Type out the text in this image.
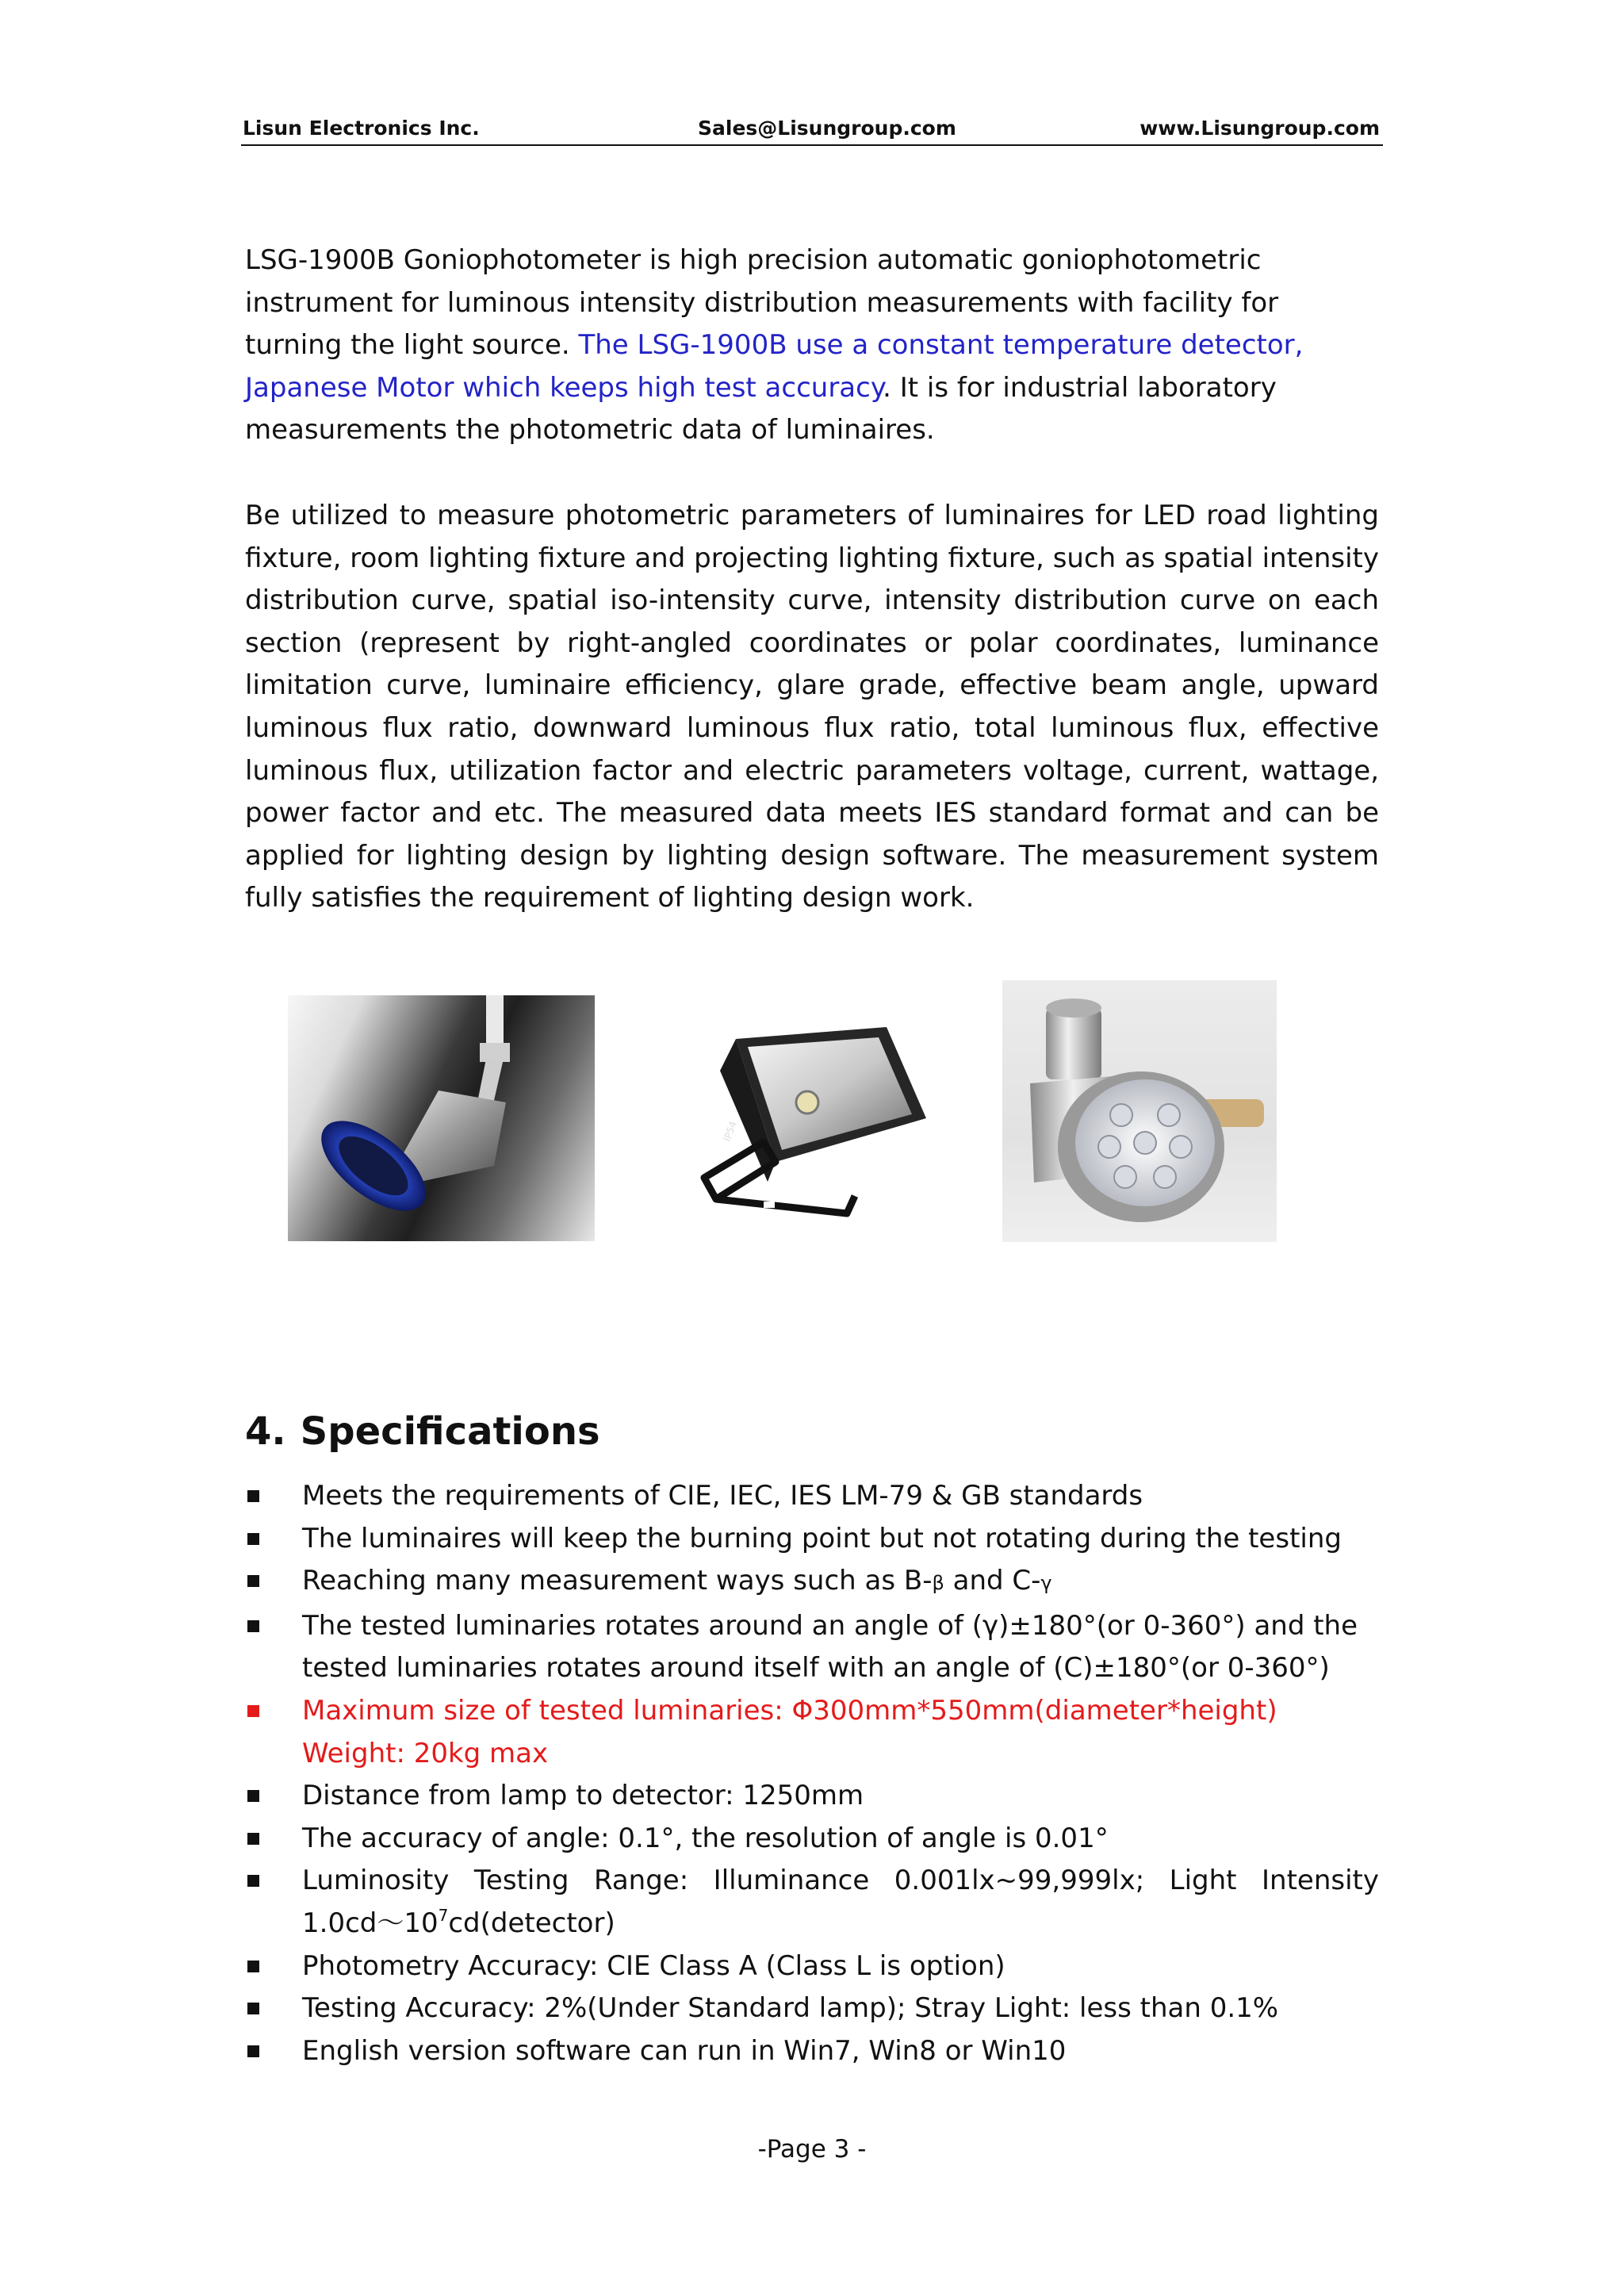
Lisun Electronics Inc.	Sales@Lisungroup.com	www.Lisungroup.com

LSG-1900B Goniophotometer is high precision automatic goniophotometric instrument for luminous intensity distribution measurements with facility for turning the light source. The LSG-1900B use a constant temperature detector, Japanese Motor which keeps high test accuracy. It is for industrial laboratory measurements the photometric data of luminaires.

Be utilized to measure photometric parameters of luminaires for LED road lighting fixture, room lighting fixture and projecting lighting fixture, such as spatial intensity distribution curve, spatial iso-intensity curve, intensity distribution curve on each section (represent by right-angled coordinates or polar coordinates, luminance limitation curve, luminaire efficiency, glare grade, effective beam angle, upward luminous flux ratio, downward luminous flux ratio, total luminous flux, effective luminous flux, utilization factor and electric parameters voltage, current, wattage, power factor and etc. The measured data meets IES standard format and can be applied for lighting design by lighting design software. The measurement system fully satisfies the requirement of lighting design work.

IP54
4. Specifications
Meets the requirements of CIE, IEC, IES LM-79 & GB standards
The luminaires will keep the burning point but not rotating during the testing
Reaching many measurement ways such as B-β and C-γ
The tested luminaries rotates around an angle of (γ)±180°(or 0-360°) and the
tested luminaries rotates around itself with an angle of (C)±180°(or 0-360°)
Maximum size of tested luminaries: Φ300mm*550mm(diameter*height)
Weight: 20kg max
Distance from lamp to detector: 1250mm
The accuracy of angle: 0.1°, the resolution of angle is 0.01°
Luminosity Testing Range: Illuminance 0.001lx~99,999lx; Light Intensity
$1.0cd\sim 10^7cd(detector)$
Photometry Accuracy: CIE Class A (Class L is option)
Testing Accuracy: 2%(Under Standard lamp); Stray Light: less than 0.1%
English version software can run in Win7, Win8 or Win10
-Page 3 -
